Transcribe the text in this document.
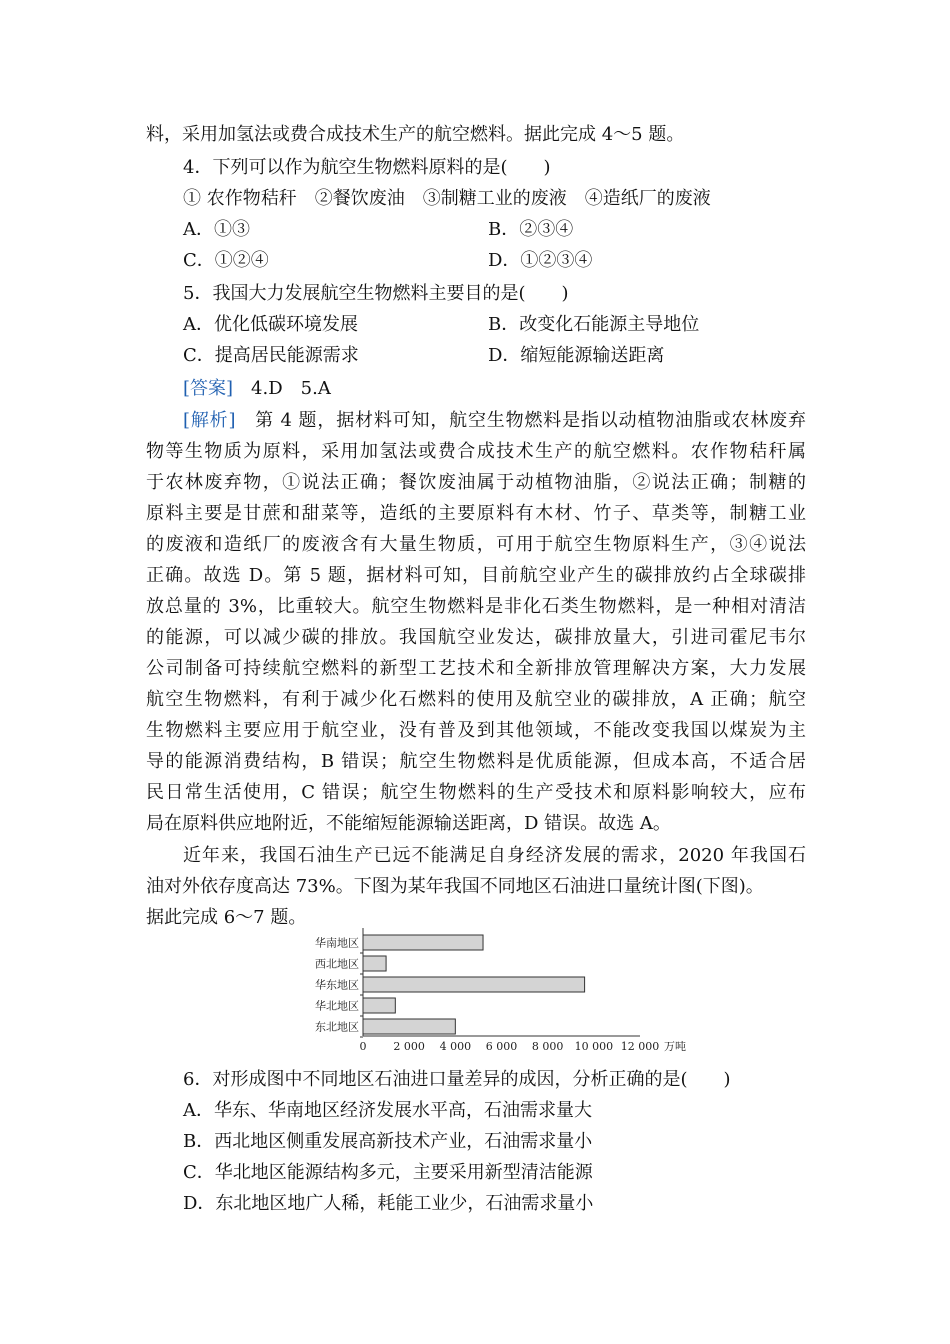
料，采用加氢法或费合成技术生产的航空燃料。据此完成 4～5 题。
4．下列可以作为航空生物燃料原料的是(　　)
① 农作物秸秆　②餐饮废油　③制糖工业的废液　④造纸厂的废液
A．①③	B．②③④
C．①②④	D．①②③④
5．我国大力发展航空生物燃料主要目的是(　　)
A．优化低碳环境发展	B．改变化石能源主导地位
C．提高居民能源需求	D．缩短能源输送距离
[答案]　4.D　5.A
[解析]　第 4 题，据材料可知，航空生物燃料是指以动植物油脂或农林废弃
物等生物质为原料，采用加氢法或费合成技术生产的航空燃料。农作物秸秆属
于农林废弃物，①说法正确；餐饮废油属于动植物油脂，②说法正确；制糖的
原料主要是甘蔗和甜菜等，造纸的主要原料有木材、竹子、草类等，制糖工业
的废液和造纸厂的废液含有大量生物质，可用于航空生物原料生产，③④说法
正确。故选 D。第 5 题，据材料可知，目前航空业产生的碳排放约占全球碳排
放总量的 3%，比重较大。航空生物燃料是非化石类生物燃料，是一种相对清洁
的能源，可以减少碳的排放。我国航空业发达，碳排放量大，引进司霍尼韦尔
公司制备可持续航空燃料的新型工艺技术和全新排放管理解决方案，大力发展
航空生物燃料，有利于减少化石燃料的使用及航空业的碳排放，A 正确；航空
生物燃料主要应用于航空业，没有普及到其他领域，不能改变我国以煤炭为主
导的能源消费结构，B 错误；航空生物燃料是优质能源，但成本高，不适合居
民日常生活使用，C 错误；航空生物燃料的生产受技术和原料影响较大，应布
局在原料供应地附近，不能缩短能源输送距离，D 错误。故选 A。
近年来，我国石油生产已远不能满足自身经济发展的需求，2020 年我国石
油对外依存度高达 73%。下图为某年我国不同地区石油进口量统计图(下图)。
据此完成 6～7 题。
华南地区
西北地区
华东地区
华北地区
东北地区
0 2 000 4 000 6 000 8 000 10 000 12 000 万吨
6．对形成图中不同地区石油进口量差异的成因，分析正确的是(　　)
A．华东、华南地区经济发展水平高，石油需求量大
B．西北地区侧重发展高新技术产业，石油需求量小
C．华北地区能源结构多元，主要采用新型清洁能源
D．东北地区地广人稀，耗能工业少，石油需求量小
